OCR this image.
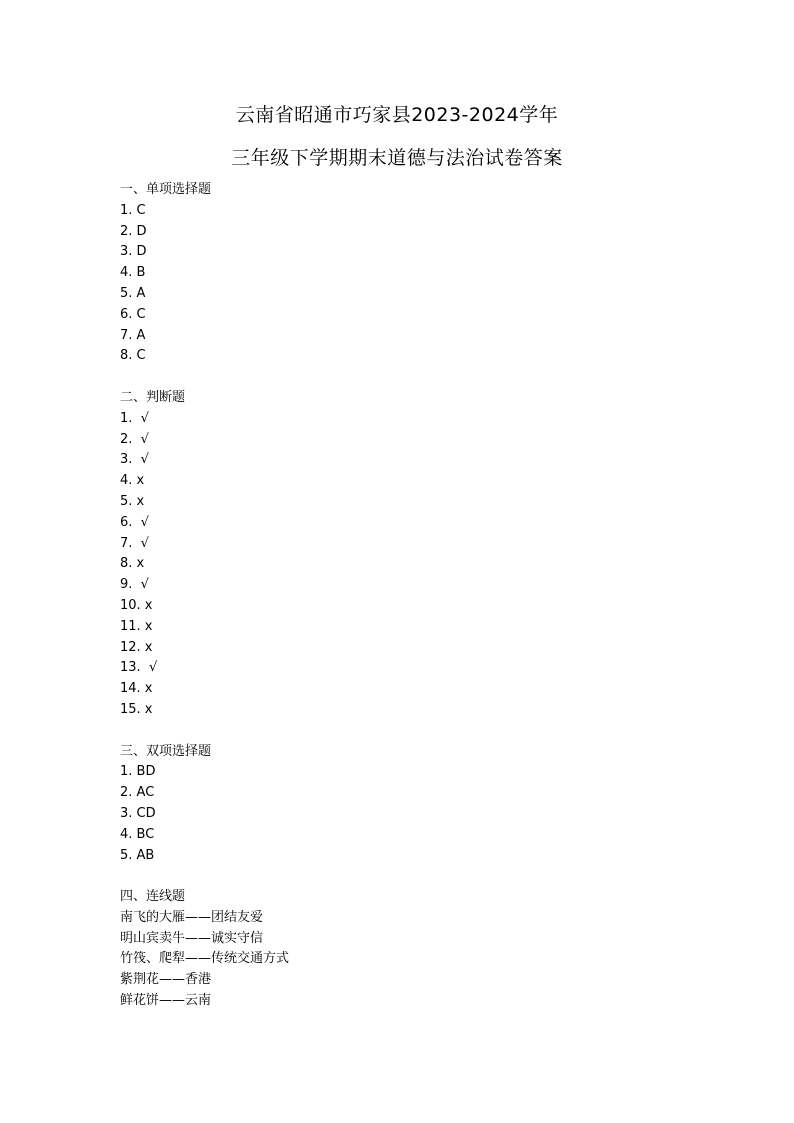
云南省昭通市巧家县2023-2024学年
三年级下学期期末道德与法治试卷答案
一、单项选择题
1. C
2. D
3. D
4. B
5. A
6. C
7. A
8. C
二、判断题
1.  √
2.  √
3.  √
4. x
5. x
6.  √
7.  √
8. x
9.  √
10. x
11. x
12. x
13.  √
14. x
15. x
三、双项选择题
1. BD
2. AC
3. CD
4. BC
5. AB
四、连线题
南飞的大雁——团结友爱
明山宾卖牛——诚实守信
竹筏、爬犁——传统交通方式
紫荆花——香港
鲜花饼——云南
